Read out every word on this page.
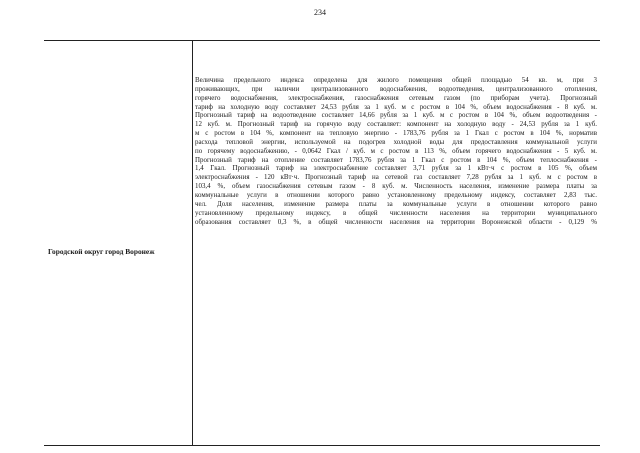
234
Городской округ город Воронеж
Величина предельного индекса определена для жилого помещения общей площадью 54 кв. м, при 3
проживающих, при наличии централизованного водоснабжения, водоотведения, централизованного отопления,
горячего водоснабжения, электроснабжения, газоснабжения сетевым газом (по приборам учета). Прогнозный
тариф на холодную воду составляет 24,53 рубля за 1 куб. м с ростом в 104 %, объем водоснабжения - 8 куб. м.
Прогнозный тариф на водоотведение составляет 14,66 рубля за 1 куб. м с ростом в 104 %, объем водоотведения -
12 куб. м. Прогнозный тариф на горячую воду составляет: компонент на холодную воду - 24,53 рубля за 1 куб.
м с ростом в 104 %, компонент на тепловую энергию - 1783,76 рубля за 1 Гкал с ростом в 104 %, норматив
расхода тепловой энергии, используемой на подогрев холодной воды для предоставления коммунальной услуги
по горячему водоснабжению, - 0,0642 Гкал / куб. м с ростом в 113 %, объем горячего водоснабжения - 5 куб. м.
Прогнозный тариф на отопление составляет 1783,76 рубля за 1 Гкал с ростом в 104 %, объем теплоснабжения -
1,4 Гкал. Прогнозный тариф на электроснабжение составляет 3,71 рубля за 1 кВт·ч с ростом в 105 %, объем
электроснабжения - 120 кВт·ч. Прогнозный тариф на сетевой газ составляет 7,28 рубля за 1 куб. м с ростом в
103,4 %, объем газоснабжения сетевым газом - 8 куб. м. Численность населения, изменение размера платы за
коммунальные услуги в отношении которого равно установленному предельному индексу, составляет 2,83 тыс.
чел. Доля населения, изменение размера платы за коммунальные услуги в отношении которого равно
установленному предельному индексу, в общей численности населения на территории муниципального
образования составляет 0,3 %, в общей численности населения на территории Воронежской области - 0,129 %
